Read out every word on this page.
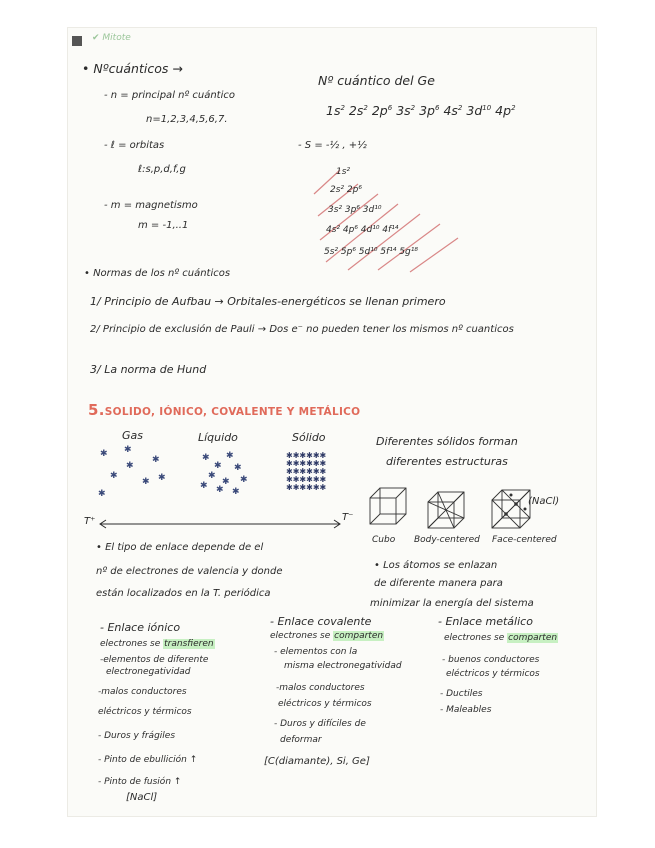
✔ Mitote
• Nºcuánticos →
- n = principal nº cuántico
n=1,2,3,4,5,6,7.
- ℓ = orbitas
ℓ:s,p,d,f,g
- m = magnetismo
m = -1,..1
Nº cuántico del Ge
$1s^2$ $2s^2$ $2p^6$ $3s^2$ $3p^6$ $4s^2$ $3d^{10}$ $4p^2$
- S = -½ , +½
1s²
2s² 2p⁶
3s² 3p⁶ 3d¹⁰
4s² 4p⁶ 4d¹⁰ 4f¹⁴
5s² 5p⁶ 5d¹⁰ 5f¹⁴ 5g¹⁸
• Normas de los nº cuánticos
1/ Principio de Aufbau → Orbitales-energéticos se llenan primero
2/ Principio de exclusión de Pauli → Dos e⁻ no pueden tener los mismos nº cuanticos
3/ La norma de Hund
5.SOLIDO, IÓNICO, COVALENTE Y METÁLICO
Gas	Líquido	Sólido
✱ ✱
✱
✱
✱
✱
✱
✱
✱
✱
✱
✱
✱
✱ ✱
✱ ✱
✱
✱✱✱✱✱✱
✱✱✱✱✱✱
✱✱✱✱✱✱
✱✱✱✱✱✱
✱✱✱✱✱✱
T⁺	T⁻
Diferentes sólidos forman
diferentes estructuras
(NaCl)
Cubo Body-centered Face-centered
• El tipo de enlace depende de el
nº de electrones de valencia y donde
están localizados en la T. periódica
• Los átomos se enlazan
de diferente manera para
minimizar la energía del sistema
- Enlace iónico
electrones se transfieren
-elementos de diferente
electronegatividad
-malos conductores
eléctricos y térmicos
- Duros y frágiles
- Pinto de ebullición ↑
- Pinto de fusión ↑
[NaCl]
- Enlace covalente
electrones se comparten
- elementos con la
misma electronegatividad
-malos conductores
eléctricos y térmicos
- Duros y difíciles de
deformar
[C(diamante), Si, Ge]
- Enlace metálico
electrones se comparten
- buenos conductores
eléctricos y térmicos
- Ductiles
- Maleables
